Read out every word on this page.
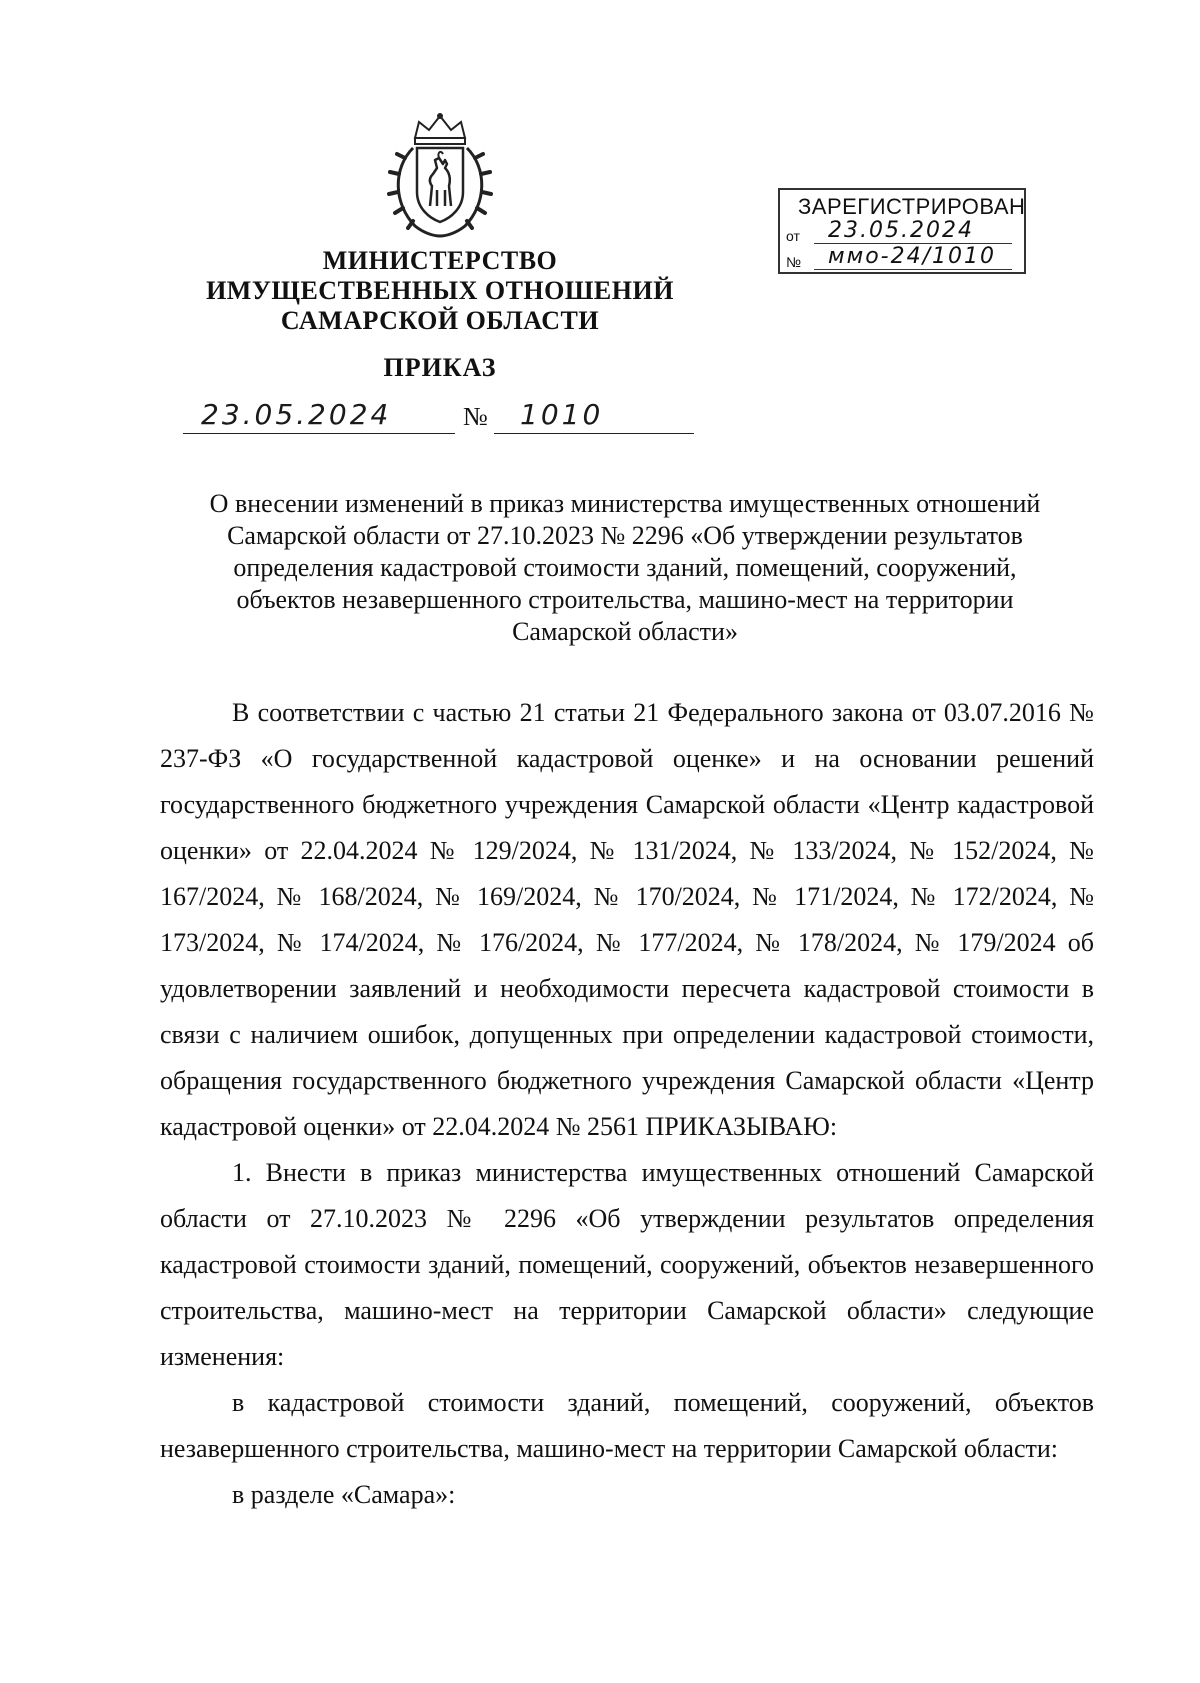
МИНИСТЕРСТВО
ИМУЩЕСТВЕННЫХ ОТНОШЕНИЙ
САМАРСКОЙ ОБЛАСТИ
ПРИКАЗ
23.05.2024	№ 1010
ЗАРЕГИСТРИРОВАН
от	23.05.2024
№	ммо-24/1010
О внесении изменений в приказ министерства имущественных отношений
Самарской области от 27.10.2023 № 2296 «Об утверждении результатов
определения кадастровой стоимости зданий, помещений, сооружений,
объектов незавершенного строительства, машино-мест на территории
Самарской области»

В соответствии с частью 21 статьи 21 Федерального закона от 03.07.2016 № 237-ФЗ «О государственной кадастровой оценке» и на основании решений государственного бюджетного учреждения Самарской области «Центр кадастровой оценки» от 22.04.2024 № 129/2024, № 131/2024, № 133/2024, № 152/2024, № 167/2024, № 168/2024, № 169/2024, № 170/2024, № 171/2024, № 172/2024, № 173/2024, № 174/2024, № 176/2024, № 177/2024, № 178/2024, № 179/2024 об удовлетворении заявлений и необходимости пересчета кадастровой стоимости в связи с наличием ошибок, допущенных при определении кадастровой стоимости, обращения государственного бюджетного учреждения Самарской области «Центр кадастровой оценки» от 22.04.2024 № 2561 ПРИКАЗЫВАЮ:

1. Внести в приказ министерства имущественных отношений Самарской области от 27.10.2023 № 2296 «Об утверждении результатов определения кадастровой стоимости зданий, помещений, сооружений, объектов незавершенного строительства, машино-мест на территории Самарской области» следующие изменения:

в кадастровой стоимости зданий, помещений, сооружений, объектов незавершенного строительства, машино-мест на территории Самарской области:

в разделе «Самара»:
